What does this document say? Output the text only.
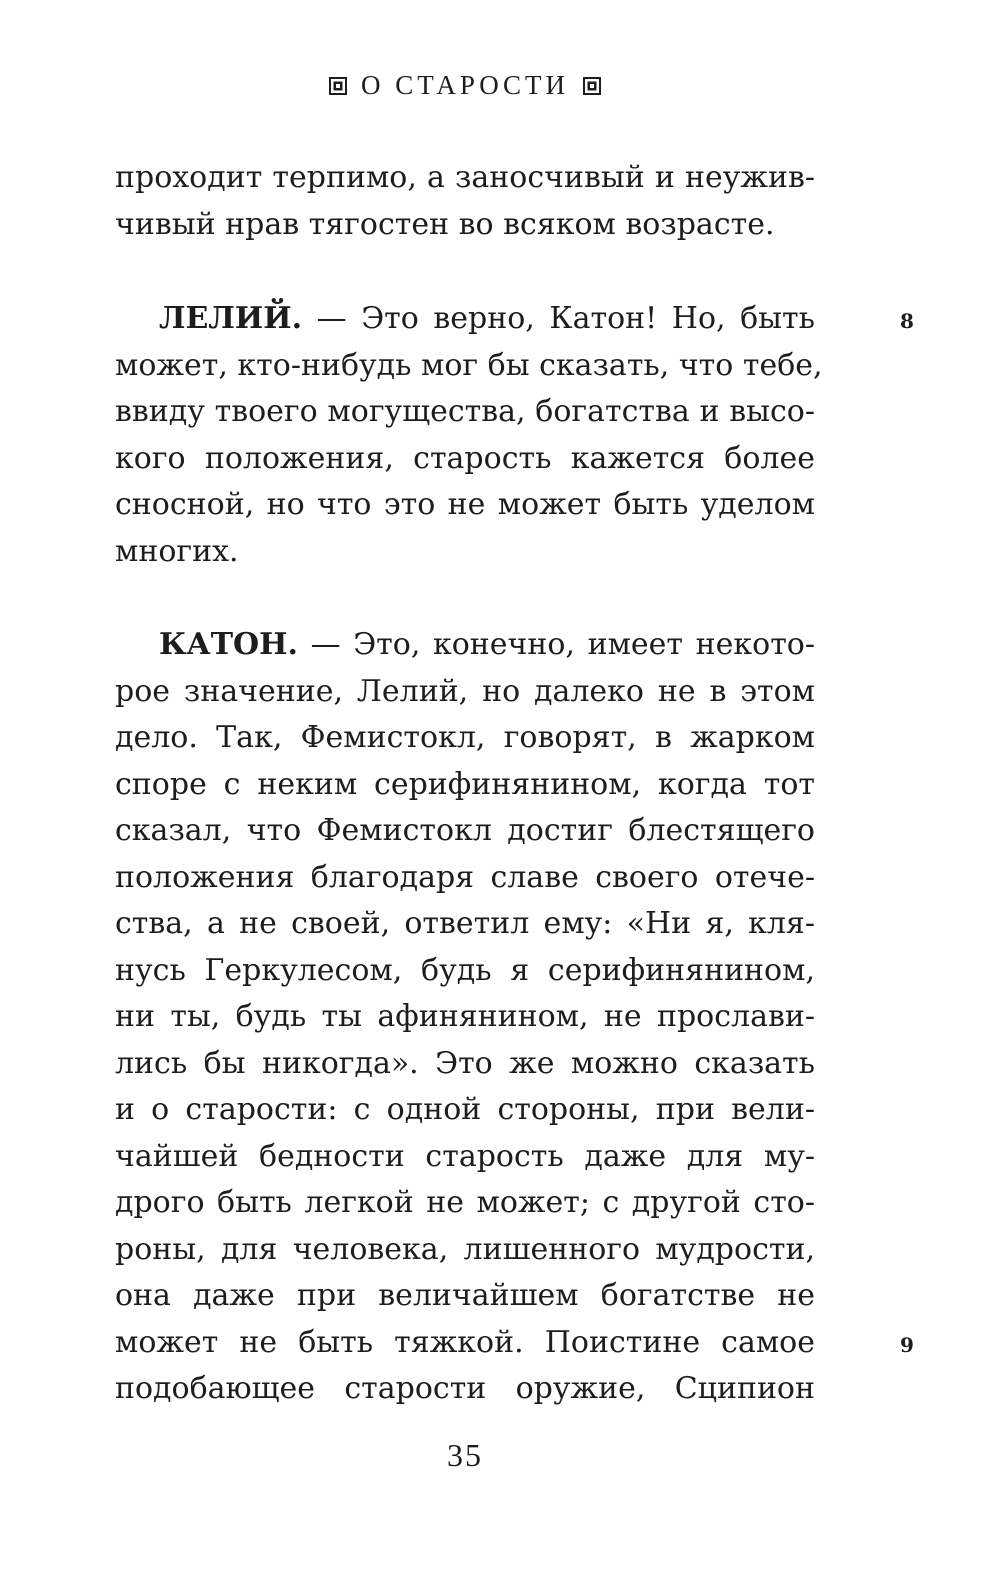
О СТАРОСТИ
проходит терпимо, а заносчивый и неужив-
чивый нрав тягостен во всяком возрасте.
ЛЕЛИЙ. — Это верно, Катон! Но, быть
может, кто-нибудь мог бы сказать, что тебе,
ввиду твоего могущества, богатства и высо-
кого положения, старость кажется более
сносной, но что это не может быть уделом
многих.
КАТОН. — Это, конечно, имеет некото-
рое значение, Лелий, но далеко не в этом
дело. Так, Фемистокл, говорят, в жарком
споре с неким серифинянином, когда тот
сказал, что Фемистокл достиг блестящего
положения благодаря славе своего отече-
ства, а не своей, ответил ему: «Ни я, кля-
нусь Геркулесом, будь я серифинянином,
ни ты, будь ты афинянином, не прослави-
лись бы никогда». Это же можно сказать
и о старости: с одной стороны, при вели-
чайшей бедности старость даже для му-
дрого быть легкой не может; с другой сто-
роны, для человека, лишенного мудрости,
она даже при величайшем богатстве не
может не быть тяжкой. Поистине самое
подобающее старости оружие, Сципион
8
9
35
